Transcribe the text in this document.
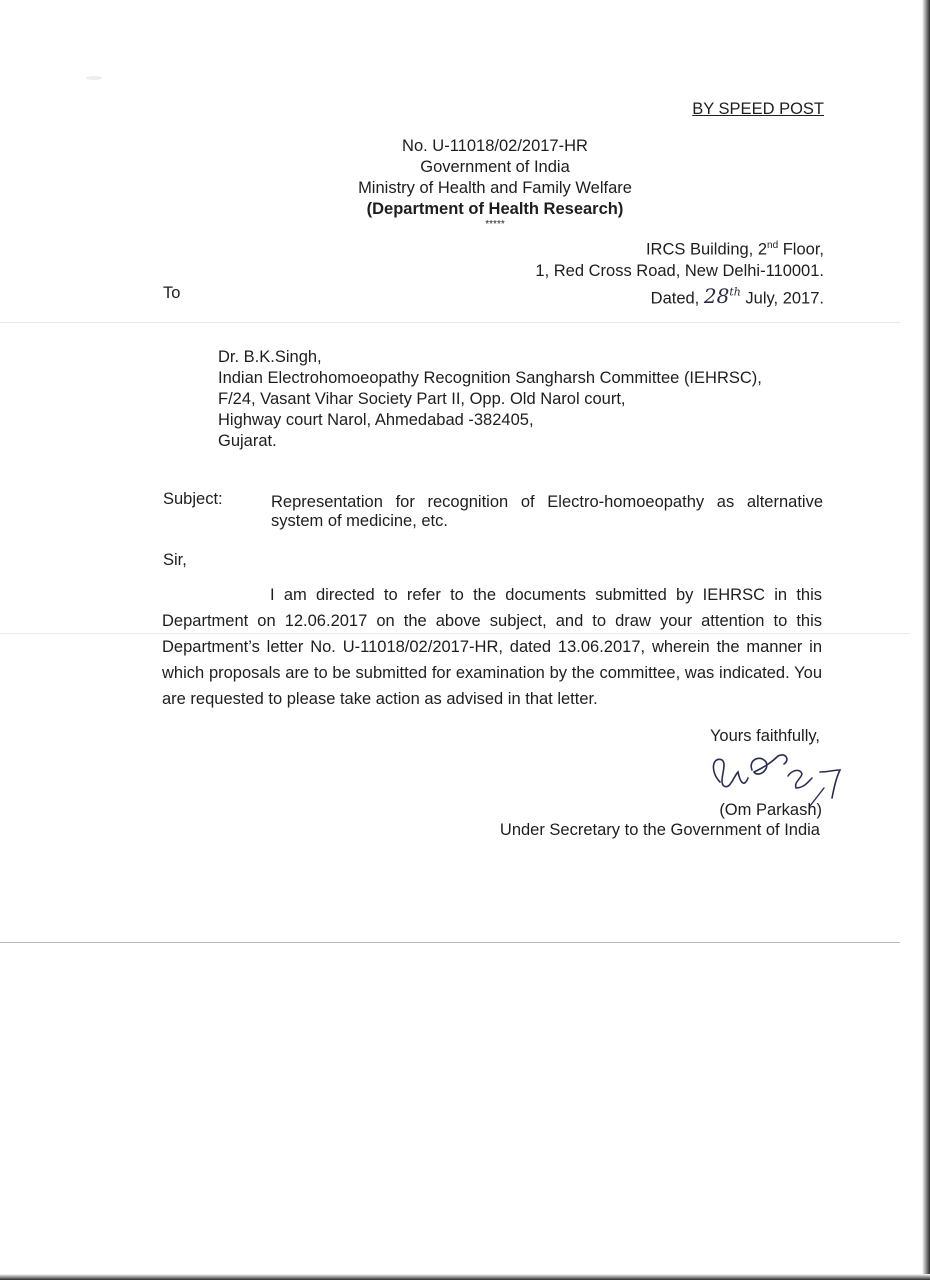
BY SPEED POST
No. U-11018/02/2017-HR
Government of India
Ministry of Health and Family Welfare
(Department of Health Research)
*****
IRCS Building, 2nd Floor,
1, Red Cross Road, New Delhi-110001.
Dated, 28th July, 2017.
To
Dr. B.K.Singh,
Indian Electrohomoeopathy Recognition Sangharsh Committee (IEHRSC),
F/24, Vasant Vihar Society Part II, Opp. Old Narol court,
Highway court Narol, Ahmedabad -382405,
Gujarat.
Subject:	Representation for recognition of Electro-homoeopathy as alternative system of medicine, etc.
Sir,
I am directed to refer to the documents submitted by IEHRSC in this Department on 12.06.2017 on the above subject, and to draw your attention to this Department’s letter No. U-11018/02/2017-HR, dated 13.06.2017, wherein the manner in which proposals are to be submitted for examination by the committee, was indicated. You are requested to please take action as advised in that letter.
Yours faithfully,
(Om Parkash)
Under Secretary to the Government of India
